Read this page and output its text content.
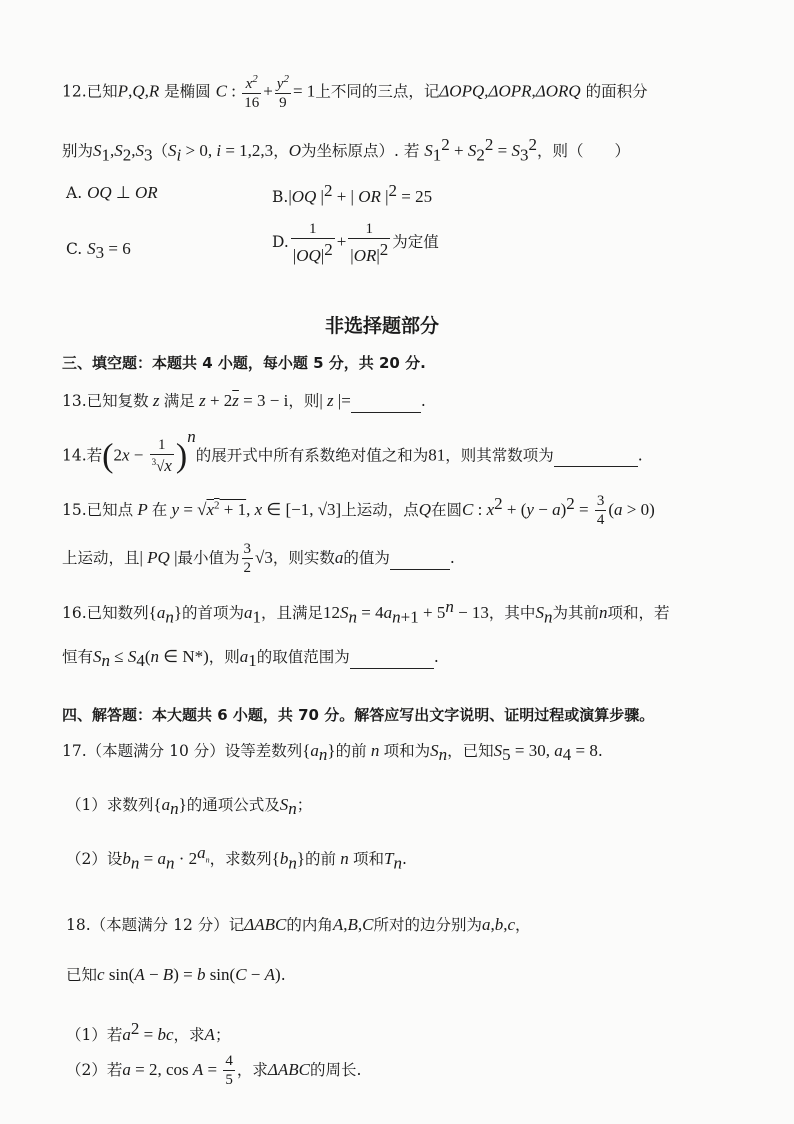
12.已知P,Q,R 是椭圆 C : $\frac{x^2}{16} + \frac{y^2}{9} = 1$上不同的三点，记ΔOPQ,ΔOPR,ΔORQ 的面积分
别为$S_1,S_2,S_3(S_i > 0$, i = 1,2,3，O为坐标原点）. 若 $S_1^2 + S_2^2 = S_3^2$，则（　　）
A. OQ ⊥ OR	B.|OQ $|^2$ + | OR $|^2 = 25$
C. $S_3 = 6$	D. $\frac{1}{|OQ|^2} + \frac{1}{|OR|^2}$ 为定值
非选择题部分
三、填空题：本题共 4 小题，每小题 5 分，共 20 分.
13.已知复数 z 满足 $z + 2\overline{z} = 3 - i$，则| z |=	.
14.若$(2x - \frac{1}{^3√x} )^n$的展开式中所有系数绝对值之和为81，则其常数项为	.
15.已知点 P 在 $y = √x^2 + 1$, x ∈ [−1, √3]上运动，点Q在圆C : $x^2 + (y - a)^2 = \frac{3}{4} (a > 0)$
上运动，且| PQ |最小值为 $\frac{3}{2} √3$，则实数a的值为	.
16.已知数列$\{a_n\}$的首项为$a_1$，且满足$12S_n = 4a_{n+1} + 5^n - 13$，其中$S_n$为其前n项和，若
恒有$S_n \le S_4(n$ ∈ N*)，则$a_1$的取值范围为	.
四、解答题：本大题共 6 小题，共 70 分。解答应写出文字说明、证明过程或演算步骤。
17.（本题满分 10 分）设等差数列$\{a_n\}$的前 n 项和为$S_n$，已知$S_5 = 30$, $a_4 = 8$.
（1）求数列$\{a_n\}$的通项公式及$S_n$；
（2）设$b_n = a_n \cdot 2^{a_n}$，求数列$\{b_n\}$的前 n 项和$T_n$.
18.（本题满分 12 分）记ΔABC的内角A,B,C所对的边分别为a,b,c，
已知c sin(A − B) = b sin(C − A).
（1）若$a^2$ = bc，求A；
（2）若a = 2, $\cos A = \frac{4}{5}$ ，求ΔABC的周长.
